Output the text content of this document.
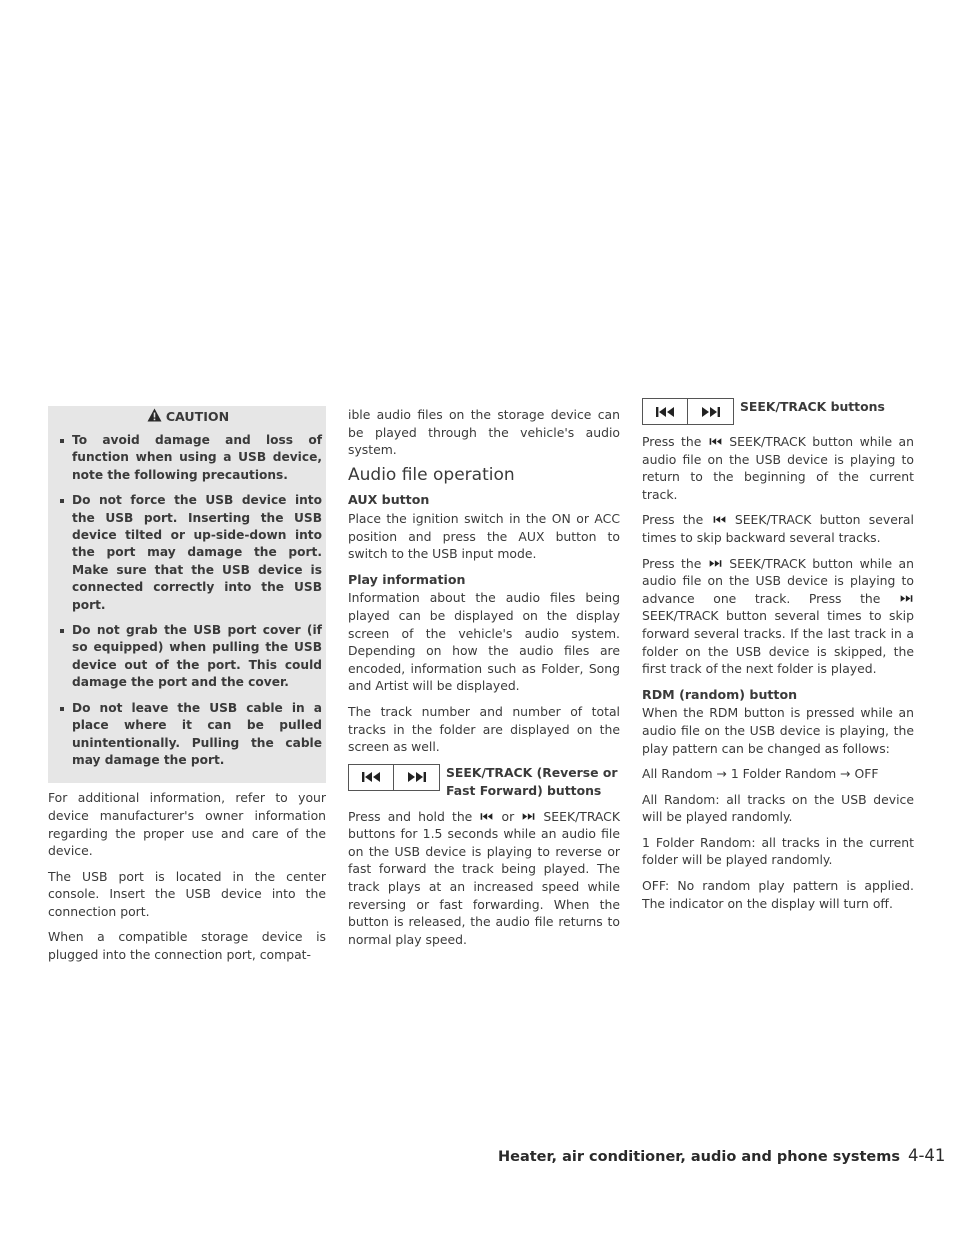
CAUTION
To avoid damage and loss of function when using a USB device, note the following precautions.
Do not force the USB device into the USB port. Inserting the USB device tilted or up-side-down into the port may damage the port. Make sure that the USB device is connected correctly into the USB port.
Do not grab the USB port cover (if so equipped) when pulling the USB device out of the port. This could damage the port and the cover.
Do not leave the USB cable in a place where it can be pulled unintentionally. Pulling the cable may damage the port.

For additional information, refer to your device manufacturer's owner information regarding the proper use and care of the device.

The USB port is located in the center console. Insert the USB device into the connection port.

When a compatible storage device is plugged into the connection port, compat-

ible audio files on the storage device can be played through the vehicle's audio system.

Audio file operation
AUX button

Place the ignition switch in the ON or ACC position and press the AUX button to switch to the USB input mode.

Play information

Information about the audio files being played can be displayed on the display screen of the vehicle's audio system. Depending on how the audio files are encoded, information such as Folder, Song and Artist will be displayed.

The track number and number of total tracks in the folder are displayed on the screen as well.

SEEK/TRACK (Reverse or Fast Forward) buttons

Press and hold the or SEEK/TRACK buttons for 1.5 seconds while an audio file on the USB device is playing to reverse or fast forward the track being played. The track plays at an increased speed while reversing or fast forwarding. When the button is released, the audio file returns to normal play speed.

SEEK/TRACK buttons

Press the SEEK/TRACK button while an audio file on the USB device is playing to return to the beginning of the current track.

Press the	SEEK/TRACK button several times to skip backward several tracks.

Press the SEEK/TRACK button while an audio file on the USB device is playing to advance one track. Press the  SEEK/TRACK button several times to skip forward several tracks. If the last track in a folder on the USB device is skipped, the first track of the next folder is played.

RDM (random) button

When the RDM button is pressed while an audio file on the USB device is playing, the play pattern can be changed as follows:

All Random → 1 Folder Random → OFF

All Random: all tracks on the USB device will be played randomly.

1 Folder Random: all tracks in the current folder will be played randomly.

OFF: No random play pattern is applied. The indicator on the display will turn off.

Heater, air conditioner, audio and phone systems 4-41
